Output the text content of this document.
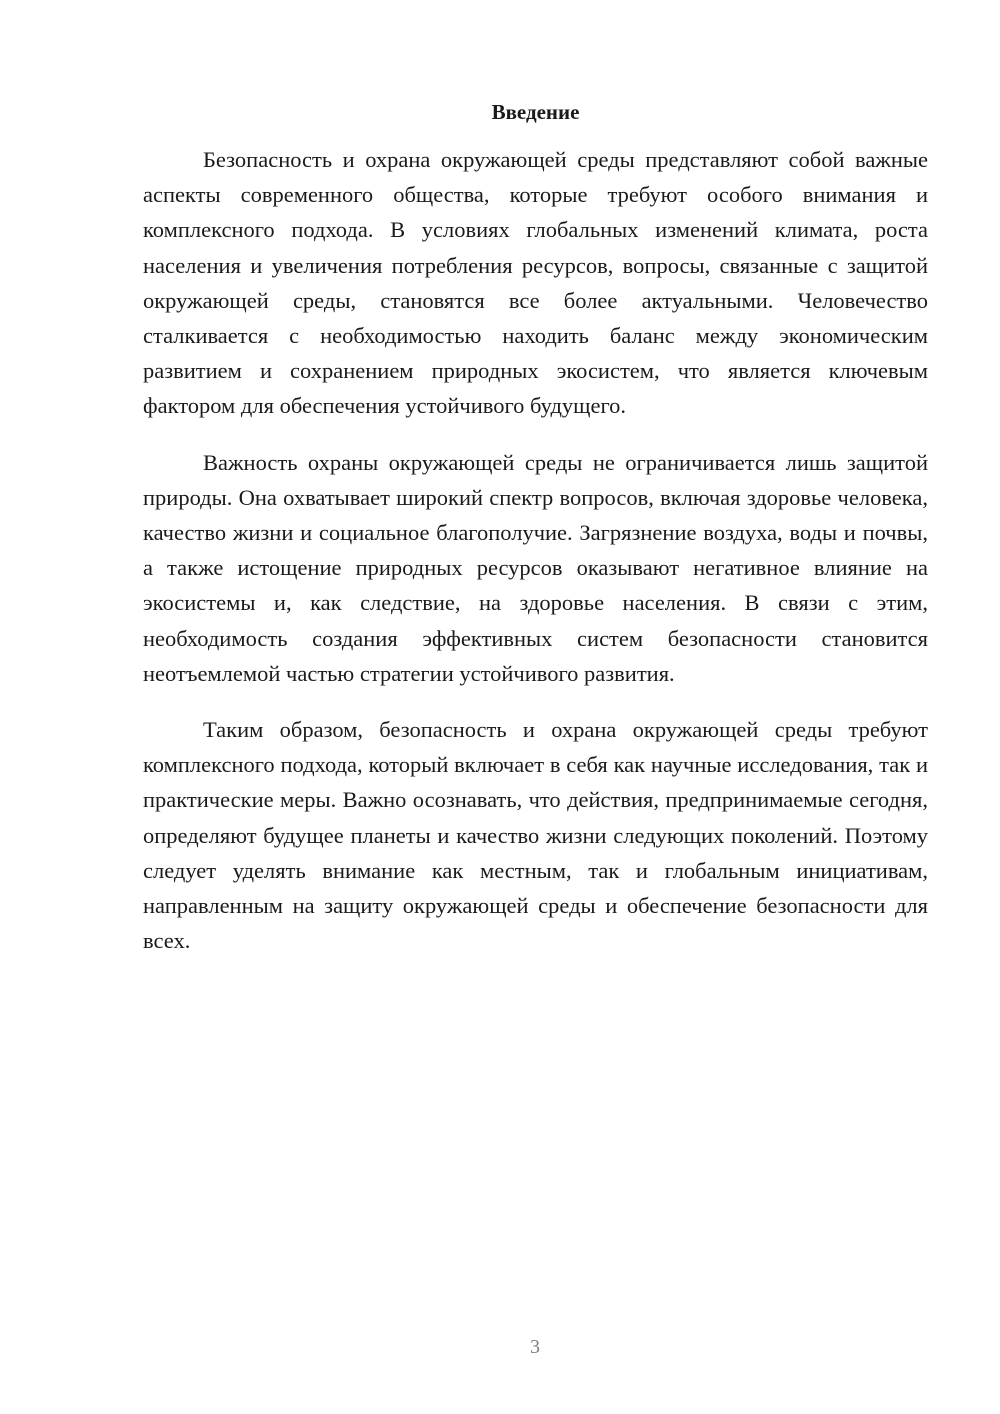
Введение

Безопасность и охрана окружающей среды представляют собой важные аспекты современного общества, которые требуют особого внимания и комплексного подхода. В условиях глобальных изменений климата, роста населения и увеличения потребления ресурсов, вопросы, связанные с защитой окружающей среды, становятся все более актуальными. Человечество сталкивается с необходимостью находить баланс между экономическим развитием и сохранением природных экосистем, что является ключевым фактором для обеспечения устойчивого будущего.

Важность охраны окружающей среды не ограничивается лишь защитой природы. Она охватывает широкий спектр вопросов, включая здоровье человека, качество жизни и социальное благополучие. Загрязнение воздуха, воды и почвы, а также истощение природных ресурсов оказывают негативное влияние на экосистемы и, как следствие, на здоровье населения. В связи с этим, необходимость создания эффективных систем безопасности становится неотъемлемой частью стратегии устойчивого развития.

Таким образом, безопасность и охрана окружающей среды требуют комплексного подхода, который включает в себя как научные исследования, так и практические меры. Важно осознавать, что действия, предпринимаемые сегодня, определяют будущее планеты и качество жизни следующих поколений. Поэтому следует уделять внимание как местным, так и глобальным инициативам, направленным на защиту окружающей среды и обеспечение безопасности для всех.

3
